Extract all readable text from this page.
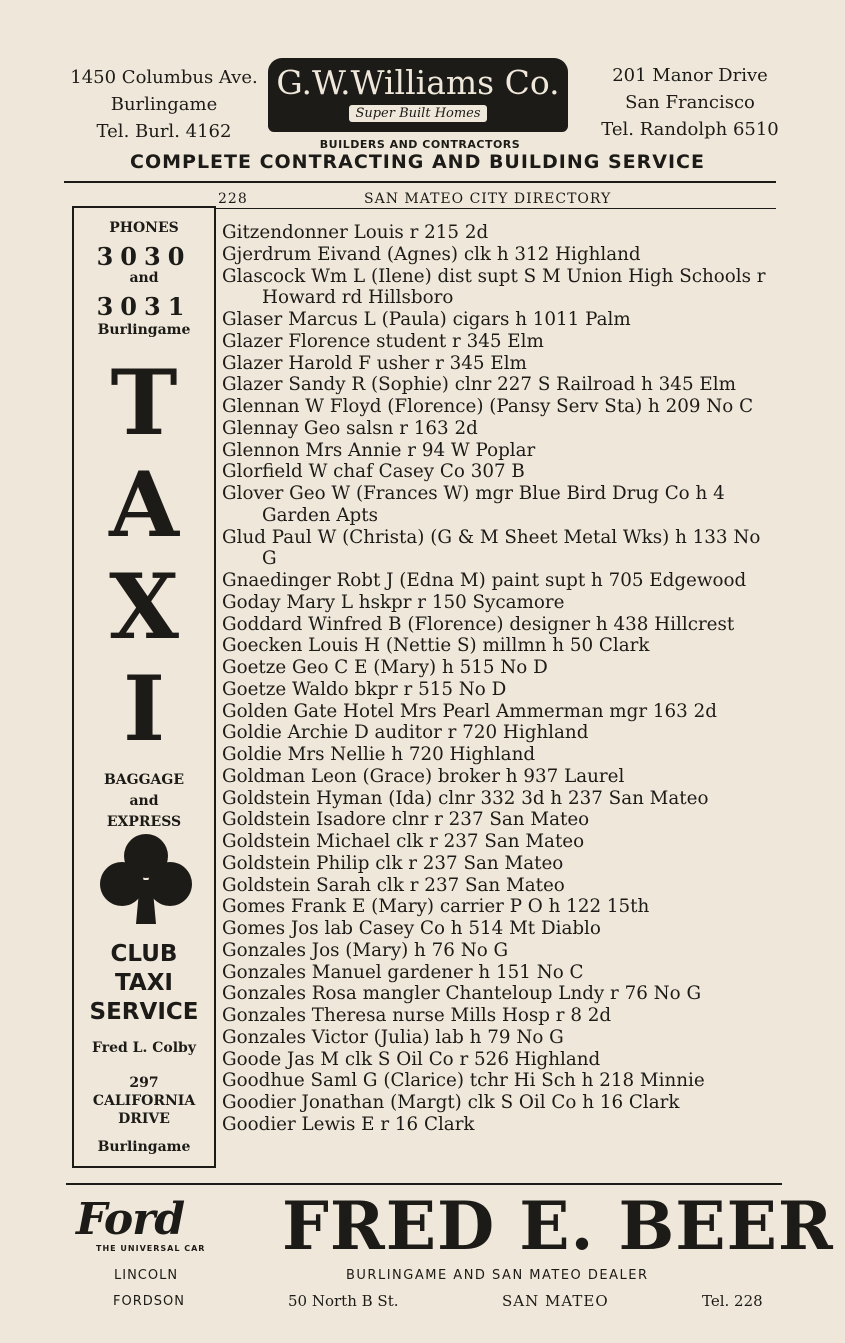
1450 Columbus Ave.
Burlingame
Tel. Burl. 4162
G.W.Williams Co.
Super Built Homes
201 Manor Drive
San Francisco
Tel. Randolph 6510
BUILDERS AND CONTRACTORS
COMPLETE CONTRACTING AND BUILDING SERVICE
228	SAN MATEO CITY DIRECTORY
PHONES
3030
and
3031
Burlingame
T
A
X
I
BAGGAGE
and
EXPRESS
CLUB
TAXI
SERVICE
Fred L. Colby
297
CALIFORNIA
DRIVE
Burlingame

Gitzendonner Louis r 215 2d

Gjerdrum Eivand (Agnes) clk h 312 Highland

Glascock Wm L (Ilene) dist supt S M Union High Schools r Howard rd Hillsboro

Glaser Marcus L (Paula) cigars h 1011 Palm

Glazer Florence student r 345 Elm

Glazer Harold F usher r 345 Elm

Glazer Sandy R (Sophie) clnr 227 S Railroad h 345 Elm

Glennan W Floyd (Florence) (Pansy Serv Sta) h 209 No C

Glennay Geo salsn r 163 2d

Glennon Mrs Annie r 94 W Poplar

Glorfield W chaf Casey Co 307 B

Glover Geo W (Frances W) mgr Blue Bird Drug Co h 4 Garden Apts

Glud Paul W (Christa) (G & M Sheet Metal Wks) h 133 No G

Gnaedinger Robt J (Edna M) paint supt h 705 Edgewood

Goday Mary L hskpr r 150 Sycamore

Goddard Winfred B (Florence) designer h 438 Hillcrest

Goecken Louis H (Nettie S) millmn h 50 Clark

Goetze Geo C E (Mary) h 515 No D

Goetze Waldo bkpr r 515 No D

Golden Gate Hotel Mrs Pearl Ammerman mgr 163 2d

Goldie Archie D auditor r 720 Highland

Goldie Mrs Nellie h 720 Highland

Goldman Leon (Grace) broker h 937 Laurel

Goldstein Hyman (Ida) clnr 332 3d h 237 San Mateo

Goldstein Isadore clnr r 237 San Mateo

Goldstein Michael clk r 237 San Mateo

Goldstein Philip clk r 237 San Mateo

Goldstein Sarah clk r 237 San Mateo

Gomes Frank E (Mary) carrier P O h 122 15th

Gomes Jos lab Casey Co h 514 Mt Diablo

Gonzales Jos (Mary) h 76 No G

Gonzales Manuel gardener h 151 No C

Gonzales Rosa mangler Chanteloup Lndy r 76 No G

Gonzales Theresa nurse Mills Hosp r 8 2d

Gonzales Victor (Julia) lab h 79 No G

Goode Jas M clk S Oil Co r 526 Highland

Goodhue Saml G (Clarice) tchr Hi Sch h 218 Minnie

Goodier Jonathan (Margt) clk S Oil Co h 16 Clark

Goodier Lewis E r 16 Clark

Ford
THE UNIVERSAL CAR
LINCOLN
FORDSON
FRED E. BEER
BURLINGAME AND SAN MATEO DEALER
50 North B St.	SAN MATEO	Tel. 228
